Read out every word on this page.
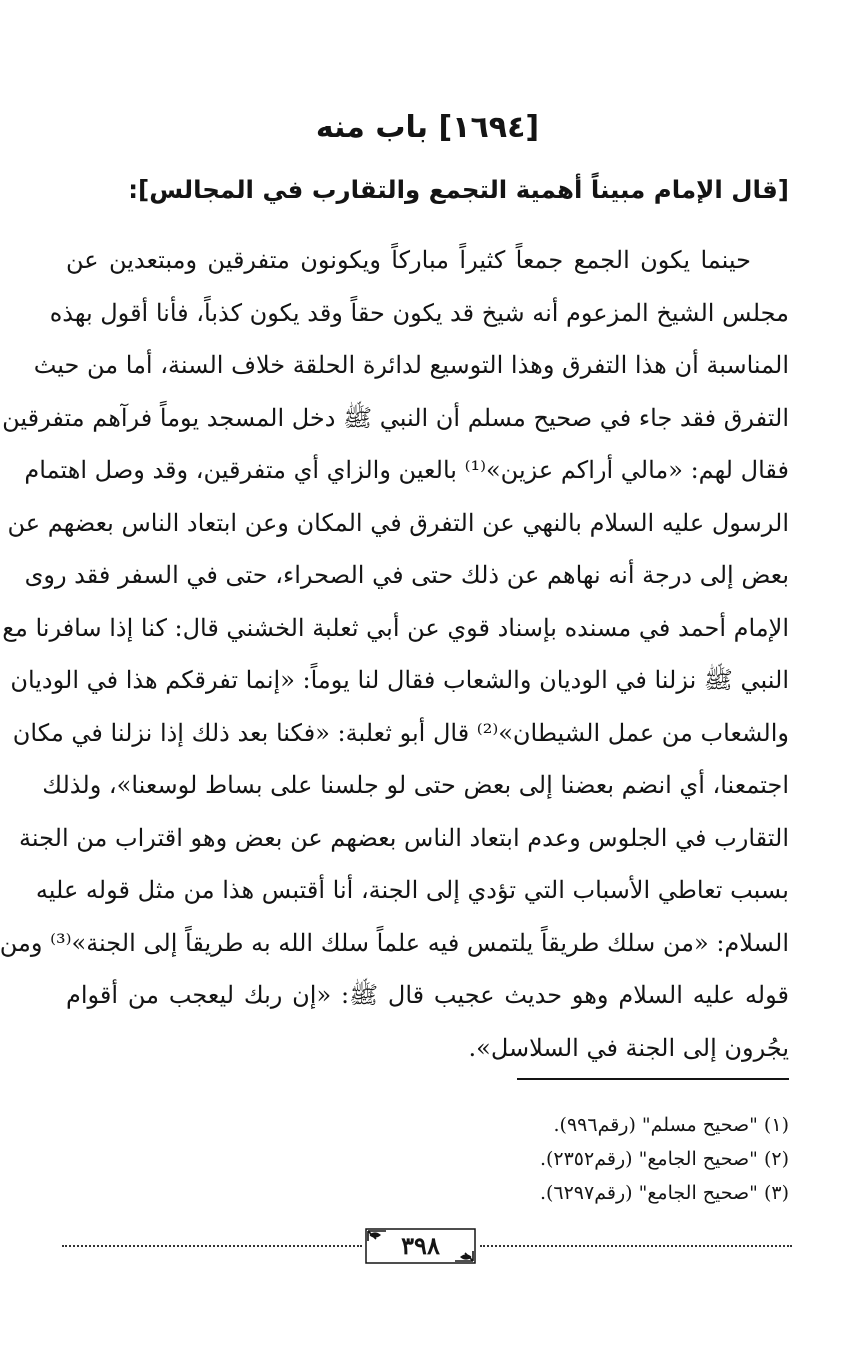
[١٦٩٤] باب منه
[قال الإمام مبيناً أهمية التجمع والتقارب في المجالس]:
حينما يكون الجمع جمعاً كثيراً مباركاً ويكونون متفرقين ومبتعدين عن
مجلس الشيخ المزعوم أنه شيخ قد يكون حقاً وقد يكون كذباً، فأنا أقول بهذه
المناسبة أن هذا التفرق وهذا التوسيع لدائرة الحلقة خلاف السنة، أما من حيث
التفرق فقد جاء في صحيح مسلم أن النبي ﷺ دخل المسجد يوماً فرآهم متفرقين
فقال لهم: «مالي أراكم عزين»⁽¹⁾ بالعين والزاي أي متفرقين، وقد وصل اهتمام
الرسول عليه السلام بالنهي عن التفرق في المكان وعن ابتعاد الناس بعضهم عن
بعض إلى درجة أنه نهاهم عن ذلك حتى في الصحراء، حتى في السفر فقد روى
الإمام أحمد في مسنده بإسناد قوي عن أبي ثعلبة الخشني قال: كنا إذا سافرنا مع
النبي ﷺ نزلنا في الوديان والشعاب فقال لنا يوماً: «إنما تفرقكم هذا في الوديان
والشعاب من عمل الشيطان»⁽²⁾ قال أبو ثعلبة: «فكنا بعد ذلك إذا نزلنا في مكان
اجتمعنا، أي انضم بعضنا إلى بعض حتى لو جلسنا على بساط لوسعنا»، ولذلك
التقارب في الجلوس وعدم ابتعاد الناس بعضهم عن بعض وهو اقتراب من الجنة
بسبب تعاطي الأسباب التي تؤدي إلى الجنة، أنا أقتبس هذا من مثل قوله عليه
السلام: «من سلك طريقاً يلتمس فيه علماً سلك الله به طريقاً إلى الجنة»⁽³⁾ ومن
قوله عليه السلام وهو حديث عجيب قال ﷺ: «إن ربك ليعجب من أقوام
يجُرون إلى الجنة في السلاسل».
(١) "صحيح مسلم" (رقم٩٩٦).
(٢) "صحيح الجامع" (رقم٢٣٥٢).
(٣) "صحيح الجامع" (رقم٦٢٩٧).
٣٩٨
